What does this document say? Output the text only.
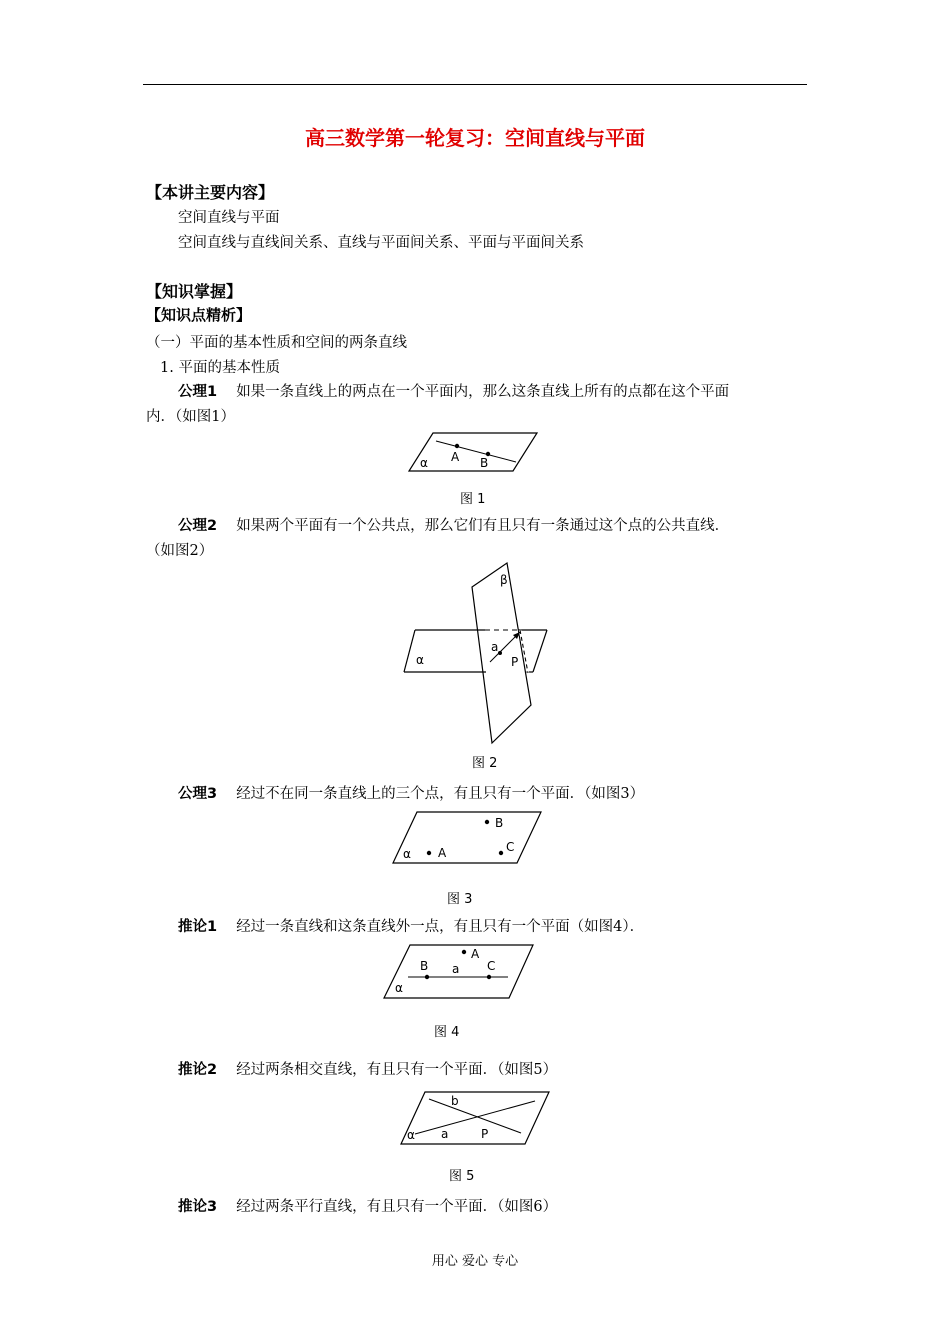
高三数学第一轮复习：空间直线与平面
【本讲主要内容】
空间直线与平面
空间直线与直线间关系、直线与平面间关系、平面与平面间关系
【知识掌握】
【知识点精析】
（一）平面的基本性质和空间的两条直线
1. 平面的基本性质
公理1 如果一条直线上的两点在一个平面内，那么这条直线上所有的点都在这个平面
内．（如图1）
α A B
图 1
公理2 如果两个平面有一个公共点，那么它们有且只有一条通过这个点的公共直线．
（如图2）
α
β
a
P
图 2
公理3 经过不在同一条直线上的三个点，有且只有一个平面．（如图3）
α A
B
C
图 3
推论1 经过一条直线和这条直线外一点，有且只有一个平面（如图4）．
α
A
B	C
a
图 4
推论2 经过两条相交直线，有且只有一个平面．（如图5）
α a
b
P
图 5
推论3 经过两条平行直线，有且只有一个平面．（如图6）
用心 爱心 专心
